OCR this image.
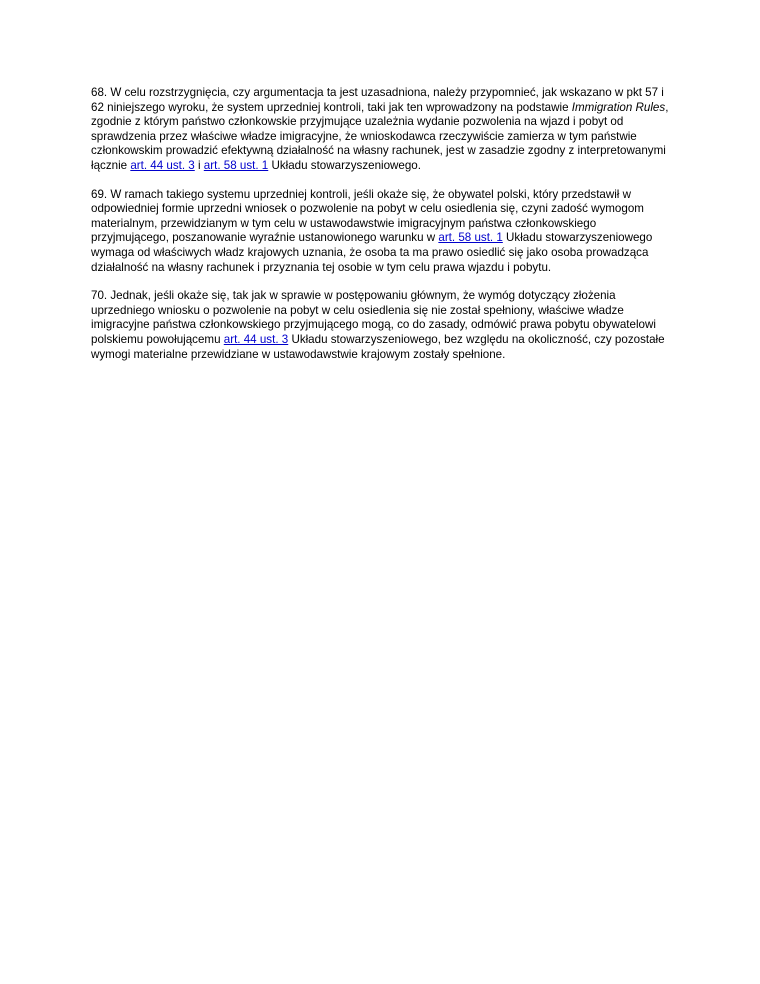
68. W celu rozstrzygnięcia, czy argumentacja ta jest uzasadniona, należy przypomnieć, jak wskazano w pkt 57 i 62 niniejszego wyroku, że system uprzedniej kontroli, taki jak ten wprowadzony na podstawie Immigration Rules, zgodnie z którym państwo członkowskie przyjmujące uzależnia wydanie pozwolenia na wjazd i pobyt od sprawdzenia przez właściwe władze imigracyjne, że wnioskodawca rzeczywiście zamierza w tym państwie członkowskim prowadzić efektywną działalność na własny rachunek, jest w zasadzie zgodny z interpretowanymi łącznie art. 44 ust. 3 i art. 58 ust. 1 Układu stowarzyszeniowego.

69. W ramach takiego systemu uprzedniej kontroli, jeśli okaże się, że obywatel polski, który przedstawił w odpowiedniej formie uprzedni wniosek o pozwolenie na pobyt w celu osiedlenia się, czyni zadość wymogom materialnym, przewidzianym w tym celu w ustawodawstwie imigracyjnym państwa członkowskiego przyjmującego, poszanowanie wyraźnie ustanowionego warunku w art. 58 ust. 1 Układu stowarzyszeniowego wymaga od właściwych władz krajowych uznania, że osoba ta ma prawo osiedlić się jako osoba prowadząca działalność na własny rachunek i przyznania tej osobie w tym celu prawa wjazdu i pobytu.

70. Jednak, jeśli okaże się, tak jak w sprawie w postępowaniu głównym, że wymóg dotyczący złożenia uprzedniego wniosku o pozwolenie na pobyt w celu osiedlenia się nie został spełniony, właściwe władze imigracyjne państwa członkowskiego przyjmującego mogą, co do zasady, odmówić prawa pobytu obywatelowi polskiemu powołującemu art. 44 ust. 3 Układu stowarzyszeniowego, bez względu na okoliczność, czy pozostałe wymogi materialne przewidziane w ustawodawstwie krajowym zostały spełnione.
